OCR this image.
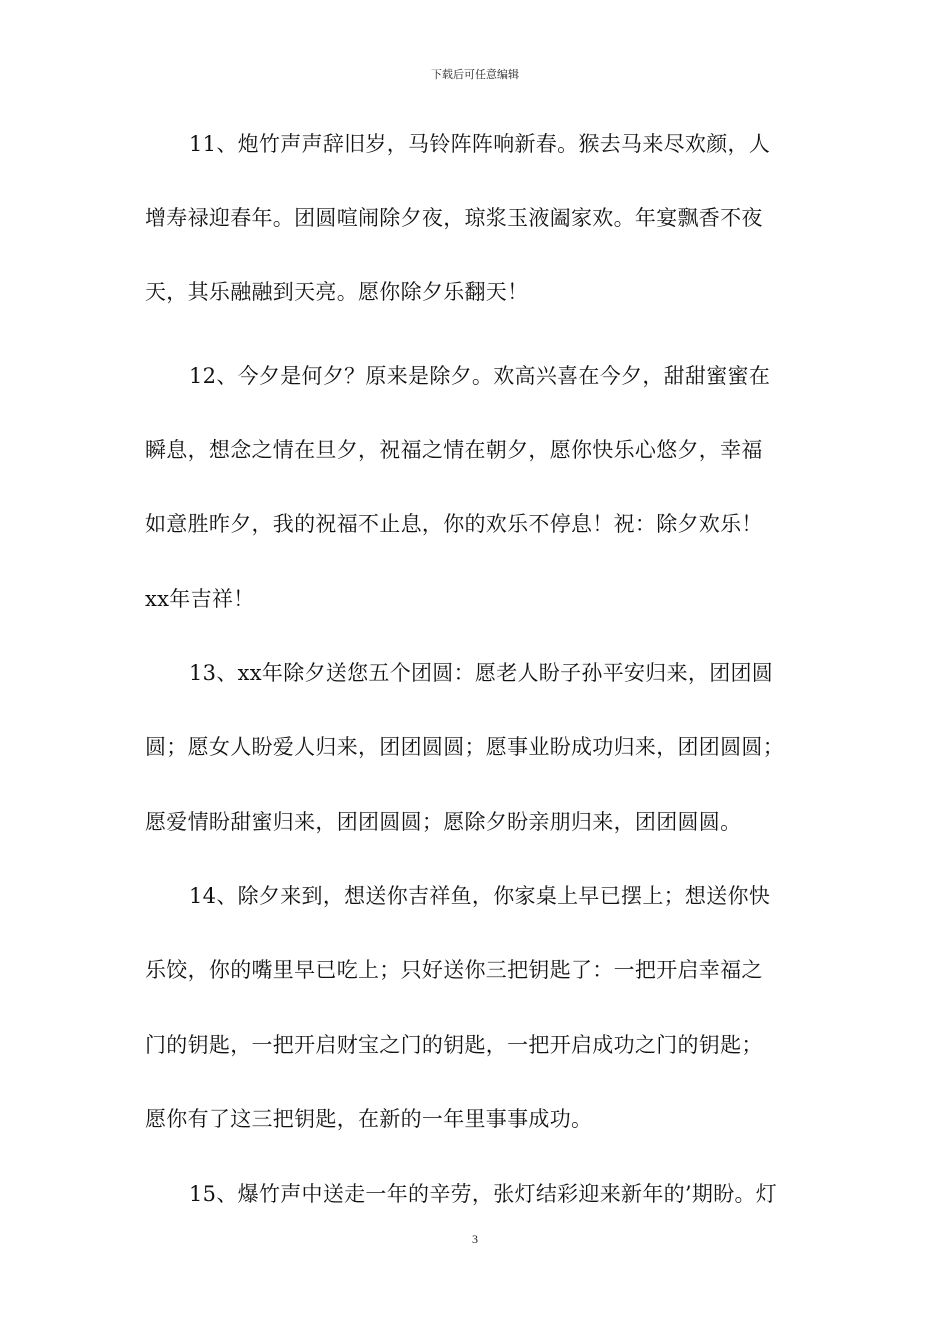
下载后可任意编辑
11、炮竹声声辞旧岁，马铃阵阵响新春。猴去马来尽欢颜，人
增寿禄迎春年。团圆喧闹除夕夜，琼浆玉液阖家欢。年宴飘香不夜
天，其乐融融到天亮。愿你除夕乐翻天！
12、今夕是何夕？原来是除夕。欢高兴喜在今夕，甜甜蜜蜜在
瞬息，想念之情在旦夕，祝福之情在朝夕，愿你快乐心悠夕，幸福
如意胜昨夕，我的祝福不止息，你的欢乐不停息！祝：除夕欢乐！
xx年吉祥！
13、xx年除夕送您五个团圆：愿老人盼子孙平安归来，团团圆
圆；愿女人盼爱人归来，团团圆圆；愿事业盼成功归来，团团圆圆；
愿爱情盼甜蜜归来，团团圆圆；愿除夕盼亲朋归来，团团圆圆。
14、除夕来到，想送你吉祥鱼，你家桌上早已摆上；想送你快
乐饺，你的嘴里早已吃上；只好送你三把钥匙了：一把开启幸福之
门的钥匙，一把开启财宝之门的钥匙，一把开启成功之门的钥匙；
愿你有了这三把钥匙，在新的一年里事事成功。
15、爆竹声中送走一年的辛劳，张灯结彩迎来新年的’期盼。灯
3
